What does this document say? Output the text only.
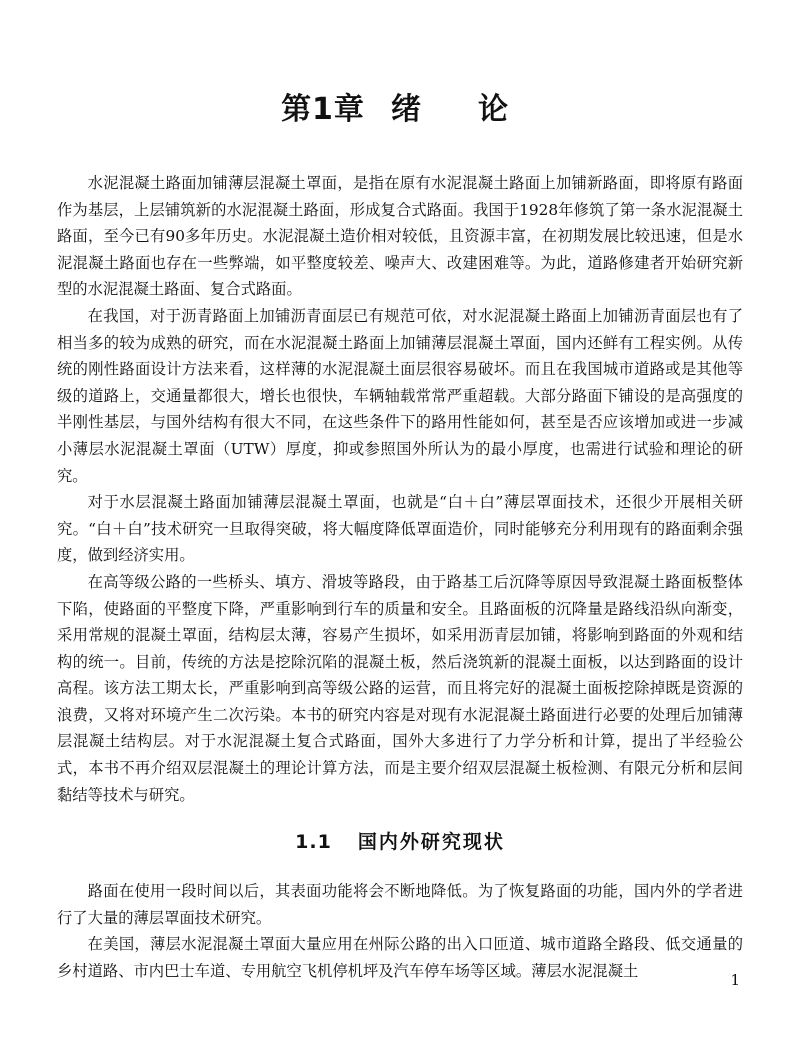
第1章 绪 论

水泥混凝土路面加铺薄层混凝土罩面，是指在原有水泥混凝土路面上加铺新路面，即将原有路面作为基层，上层铺筑新的水泥混凝土路面，形成复合式路面。我国于1928年修筑了第一条水泥混凝土路面，至今已有90多年历史。水泥混凝土造价相对较低，且资源丰富，在初期发展比较迅速，但是水泥混凝土路面也存在一些弊端，如平整度较差、噪声大、改建困难等。为此，道路修建者开始研究新型的水泥混凝土路面、复合式路面。

在我国，对于沥青路面上加铺沥青面层已有规范可依，对水泥混凝土路面上加铺沥青面层也有了相当多的较为成熟的研究，而在水泥混凝土路面上加铺薄层混凝土罩面，国内还鲜有工程实例。从传统的刚性路面设计方法来看，这样薄的水泥混凝土面层很容易破坏。而且在我国城市道路或是其他等级的道路上，交通量都很大，增长也很快，车辆轴载常常严重超载。大部分路面下铺设的是高强度的半刚性基层，与国外结构有很大不同，在这些条件下的路用性能如何，甚至是否应该增加或进一步减小薄层水泥混凝土罩面（UTW）厚度，抑或参照国外所认为的最小厚度，也需进行试验和理论的研究。

对于水层混凝土路面加铺薄层混凝土罩面，也就是“白＋白”薄层罩面技术，还很少开展相关研究。“白＋白”技术研究一旦取得突破，将大幅度降低罩面造价，同时能够充分利用现有的路面剩余强度，做到经济实用。

在高等级公路的一些桥头、填方、滑坡等路段，由于路基工后沉降等原因导致混凝土路面板整体下陷，使路面的平整度下降，严重影响到行车的质量和安全。且路面板的沉降量是路线沿纵向渐变，采用常规的混凝土罩面，结构层太薄，容易产生损坏，如采用沥青层加铺，将影响到路面的外观和结构的统一。目前，传统的方法是挖除沉陷的混凝土板，然后浇筑新的混凝土面板，以达到路面的设计高程。该方法工期太长，严重影响到高等级公路的运营，而且将完好的混凝土面板挖除掉既是资源的浪费，又将对环境产生二次污染。本书的研究内容是对现有水泥混凝土路面进行必要的处理后加铺薄层混凝土结构层。对于水泥混凝土复合式路面，国外大多进行了力学分析和计算，提出了半经验公式，本书不再介绍双层混凝土的理论计算方法，而是主要介绍双层混凝土板检测、有限元分析和层间黏结等技术与研究。

1.1 国内外研究现状

路面在使用一段时间以后，其表面功能将会不断地降低。为了恢复路面的功能，国内外的学者进行了大量的薄层罩面技术研究。

在美国，薄层水泥混凝土罩面大量应用在州际公路的出入口匝道、城市道路全路段、低交通量的乡村道路、市内巴士车道、专用航空飞机停机坪及汽车停车场等区域。薄层水泥混凝土	1
